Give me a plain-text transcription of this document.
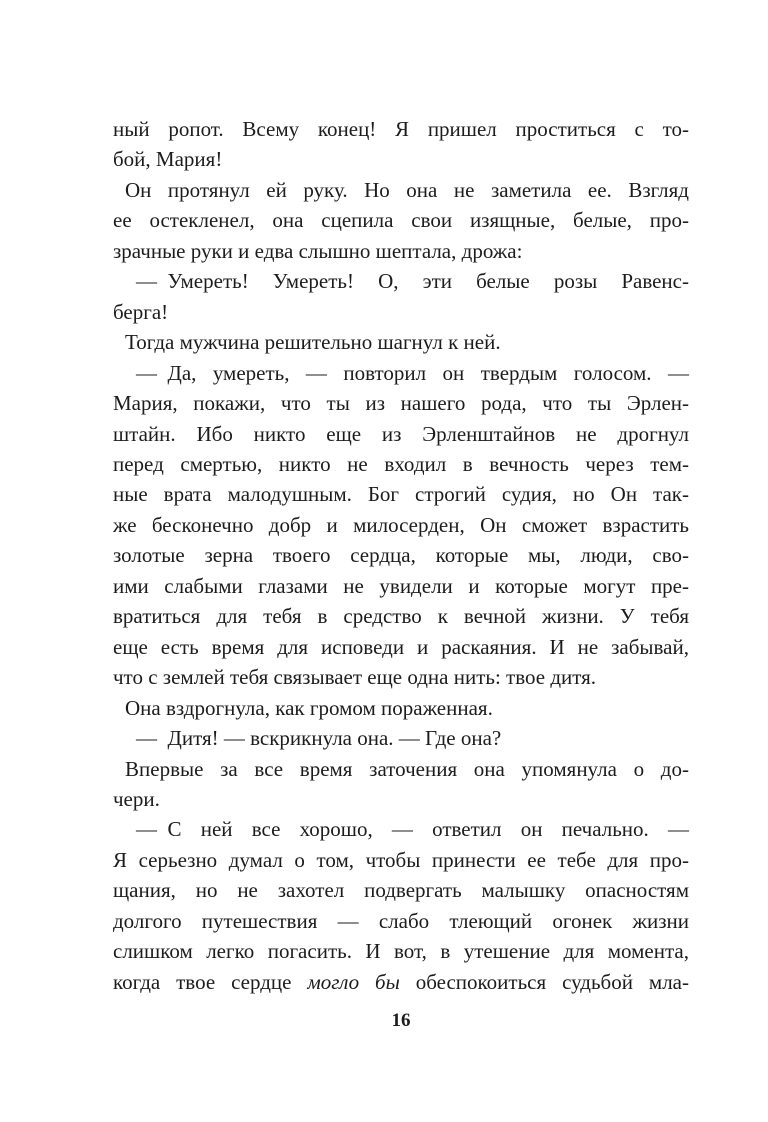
ный ропот. Всему конец! Я пришел проститься с то-
бой, Мария!
Он протянул ей руку. Но она не заметила ее. Взгляд
ее остекленел, она сцепила свои изящные, белые, про-
зрачные руки и едва слышно шептала, дрожа:
— Умереть! Умереть! О, эти белые розы Равенс-
берга!
Тогда мужчина решительно шагнул к ней.
— Да, умереть, — повторил он твердым голосом. —
Мария, покажи, что ты из нашего рода, что ты Эрлен-
штайн. Ибо никто еще из Эрленштайнов не дрогнул
перед смертью, никто не входил в вечность через тем-
ные врата малодушным. Бог строгий судия, но Он так-
же бесконечно добр и милосерден, Он сможет взрастить
золотые зерна твоего сердца, которые мы, люди, сво-
ими слабыми глазами не увидели и которые могут пре-
вратиться для тебя в средство к вечной жизни. У тебя
еще есть время для исповеди и раскаяния. И не забывай,
что с землей тебя связывает еще одна нить: твое дитя.
Она вздрогнула, как громом пораженная.
— Дитя! — вскрикнула она. — Где она?
Впервые за все время заточения она упомянула о до-
чери.
— С ней все хорошо, — ответил он печально. —
Я серьезно думал о том, чтобы принести ее тебе для про-
щания, но не захотел подвергать малышку опасностям
долгого путешествия — слабо тлеющий огонек жизни
слишком легко погасить. И вот, в утешение для момента,
когда твое сердце могло бы обеспокоиться судьбой мла-
16
